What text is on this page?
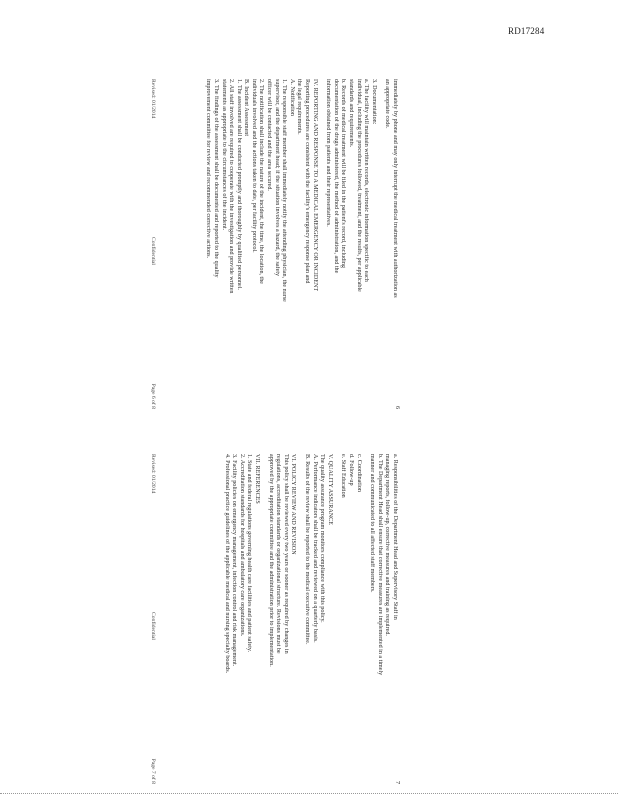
RD17284
6
immediately by phone and may only interrupt the medical treatment with authorization as
an appropriate code.
3. Documentation:
a. The facility will maintain written records, electronic information specific to each
individual, including the procedures followed, treatment, and the results, per applicable
standards and requirements.
b. Records of medical treatment will be filed in the patient's record, including
documentation of the drugs administered, the method of administration, and the
information obtained from patients and their representatives.
IV. REPORTING AND RESPONSE TO A MEDICAL EMERGENCY OR INCIDENT
Reporting procedures are consistent with the facility's emergency response plan and
the legal requirements.
A. Notification
1. The responsible staff member shall immediately notify the attending physician, the nurse
supervisor, and the department head; if the situation involves a hazard, the safety
officer will be contacted and the area secured.
2. The notification shall include the nature of the incident, the time, the location, the
individuals involved and the actions taken to date, per facility protocol.
B. Incident Assessment
1. The assessment shall be conducted promptly and thoroughly by qualified personnel.
2. All staff involved are required to cooperate with the investigation and provide written
statements as appropriate to the circumstances of the incident.
3. The findings of the assessment shall be documented and reported to the quality
improvement committee for review and recommended corrective actions.
Revised: 01/2014
Confidential
Page 6 of 8
7
a. Responsibilities of the Department Head and Supervisory Staff in
managing reports, follow-up, corrective measures and training as required.
b. The Department Head shall ensure that corrective measures are implemented in a timely
manner and communicated to all affected staff members.
c. Coordination
d. Follow-up
e. Staff Education
V. QUALITY ASSURANCE
The quality assurance program monitors compliance with this policy.
A. Performance indicators shall be tracked and reviewed on a quarterly basis.
B. Results of the review shall be reported to the medical executive committee.
VI. POLICY REVIEW AND REVISION
This policy shall be reviewed every two years or sooner as required by changes in
regulations, accreditation standards or organizational structure. Revisions must be
approved by the appropriate committee and the administration prior to implementation.
VII. REFERENCES
1. State and federal regulations governing health care facilities and patient safety.
2. Accreditation standards for hospitals and ambulatory care organizations.
3. Facility policies on emergency management, infection control and risk management.
4. Professional practice guidelines of the applicable medical and nursing specialty boards.
Revised: 01/2014
Confidential
Page 7 of 8
